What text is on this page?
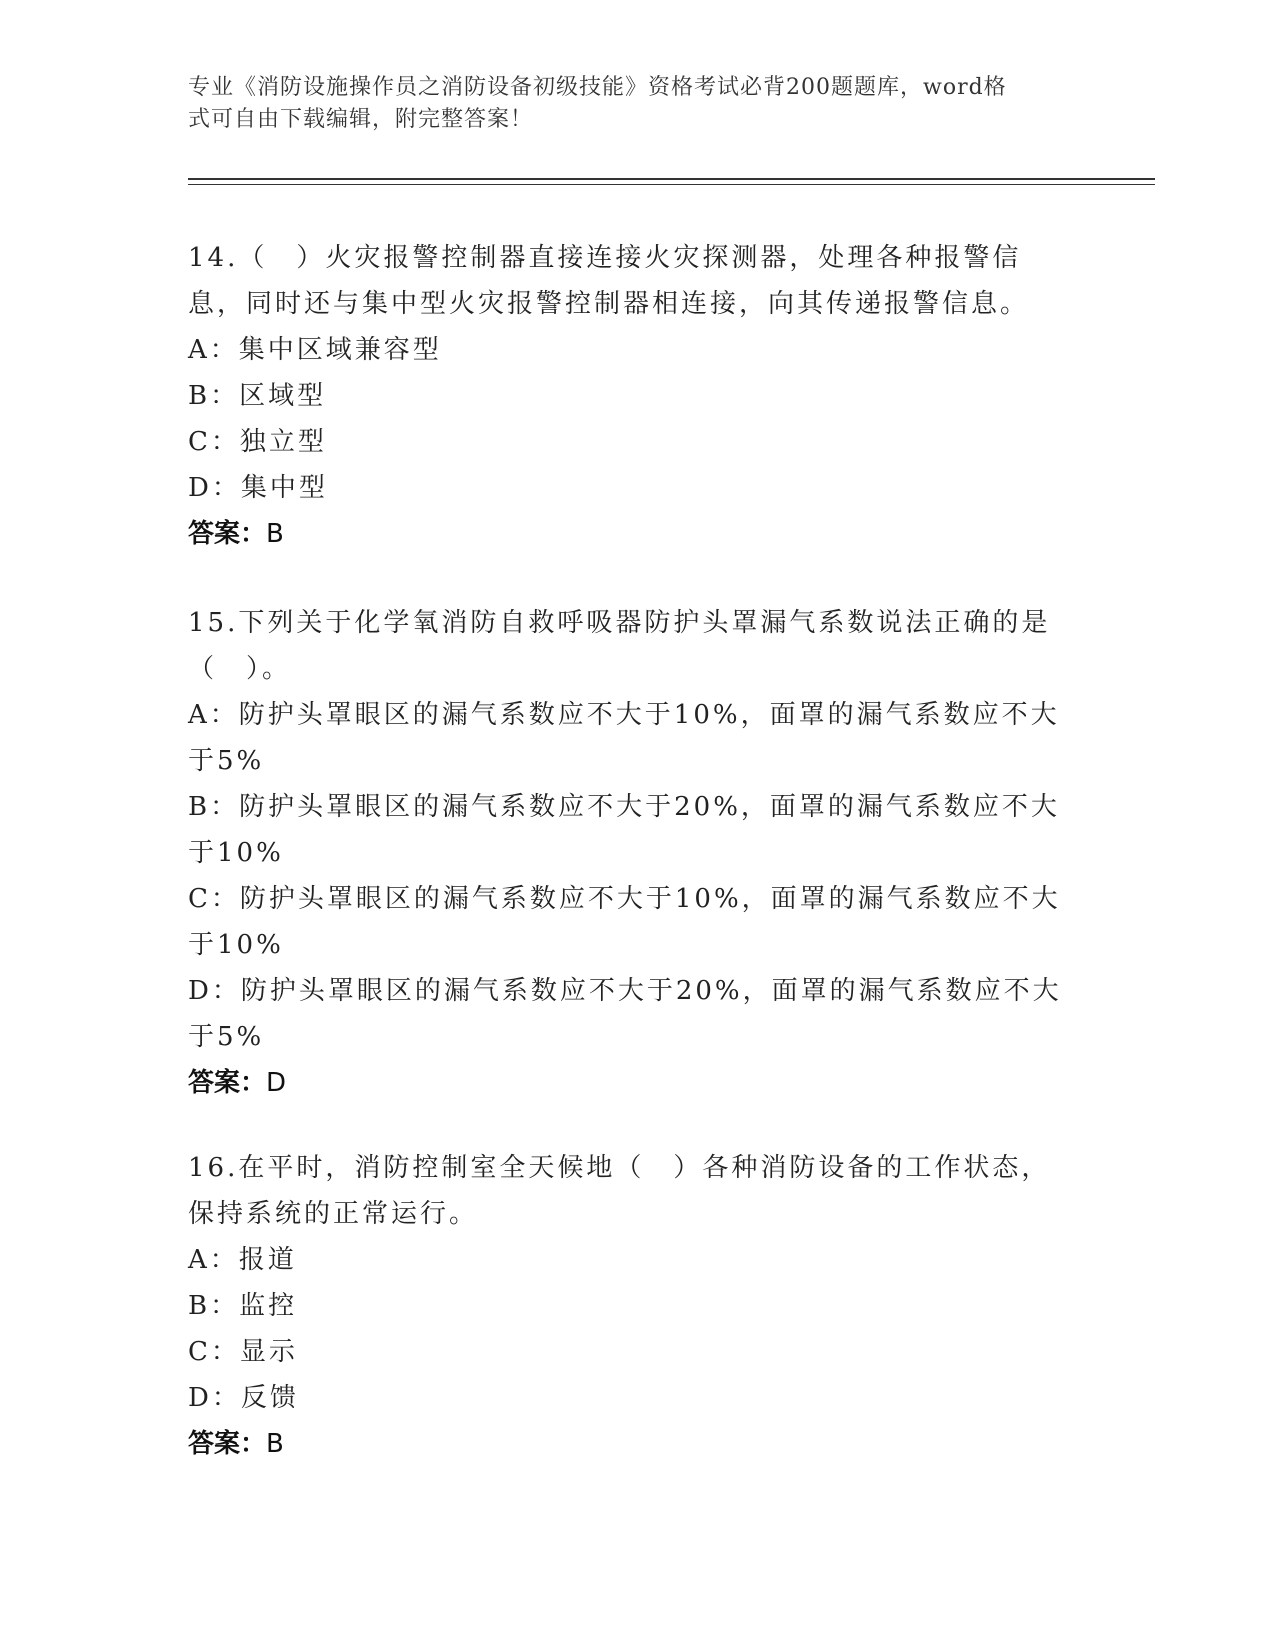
专业《消防设施操作员之消防设备初级技能》资格考试必背200题题库，word格
式可自由下载编辑，附完整答案！
14.（　）火灾报警控制器直接连接火灾探测器，处理各种报警信息，同时还与集中型火灾报警控制器相连接，向其传递报警信息。
A：集中区域兼容型
B：区域型
C：独立型
D：集中型
答案：B
15.下列关于化学氧消防自救呼吸器防护头罩漏气系数说法正确的是（　）。
A：防护头罩眼区的漏气系数应不大于10%，面罩的漏气系数应不大于5%
B：防护头罩眼区的漏气系数应不大于20%，面罩的漏气系数应不大于10%
C：防护头罩眼区的漏气系数应不大于10%，面罩的漏气系数应不大于10%
D：防护头罩眼区的漏气系数应不大于20%，面罩的漏气系数应不大于5%
答案：D
16.在平时，消防控制室全天候地（　）各种消防设备的工作状态，保持系统的正常运行。
A：报道
B：监控
C：显示
D：反馈
答案：B
